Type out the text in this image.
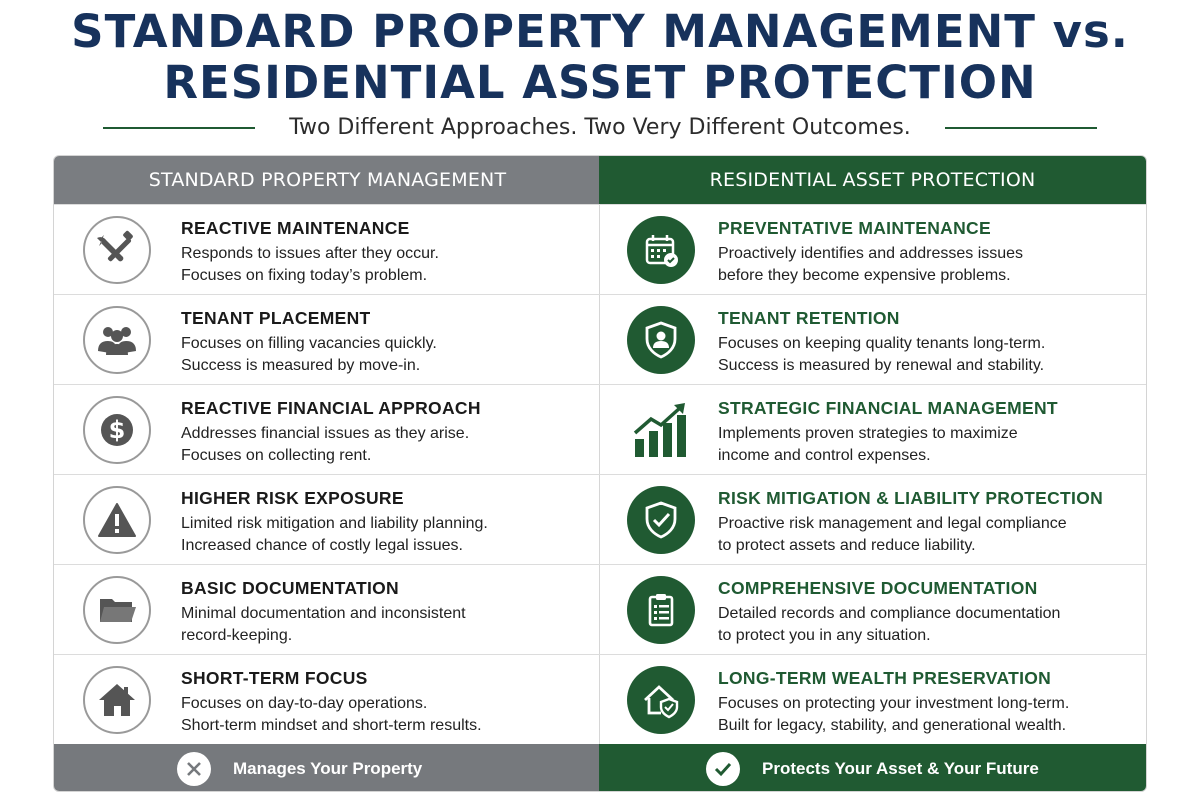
STANDARD PROPERTY MANAGEMENT vs.
RESIDENTIAL ASSET PROTECTION
Two Different Approaches. Two Very Different Outcomes.
STANDARD PROPERTY MANAGEMENT	RESIDENTIAL ASSET PROTECTION
REACTIVE MAINTENANCE
Responds to issues after they occur.
Focuses on fixing today’s problem.
PREVENTATIVE MAINTENANCE
Proactively identifies and addresses issues
before they become expensive problems.
TENANT PLACEMENT
Focuses on filling vacancies quickly.
Success is measured by move-in.
TENANT RETENTION
Focuses on keeping quality tenants long-term.
Success is measured by renewal and stability.
$
REACTIVE FINANCIAL APPROACH
Addresses financial issues as they arise.
Focuses on collecting rent.
STRATEGIC FINANCIAL MANAGEMENT
Implements proven strategies to maximize
income and control expenses.
HIGHER RISK EXPOSURE
Limited risk mitigation and liability planning.
Increased chance of costly legal issues.
RISK MITIGATION & LIABILITY PROTECTION
Proactive risk management and legal compliance
to protect assets and reduce liability.
BASIC DOCUMENTATION
Minimal documentation and inconsistent
record-keeping.
COMPREHENSIVE DOCUMENTATION
Detailed records and compliance documentation
to protect you in any situation.
SHORT-TERM FOCUS
Focuses on day-to-day operations.
Short-term mindset and short-term results.
LONG-TERM WEALTH PRESERVATION
Focuses on protecting your investment long-term.
Built for legacy, stability, and generational wealth.
Manages Your Property	Protects Your Asset & Your Future
